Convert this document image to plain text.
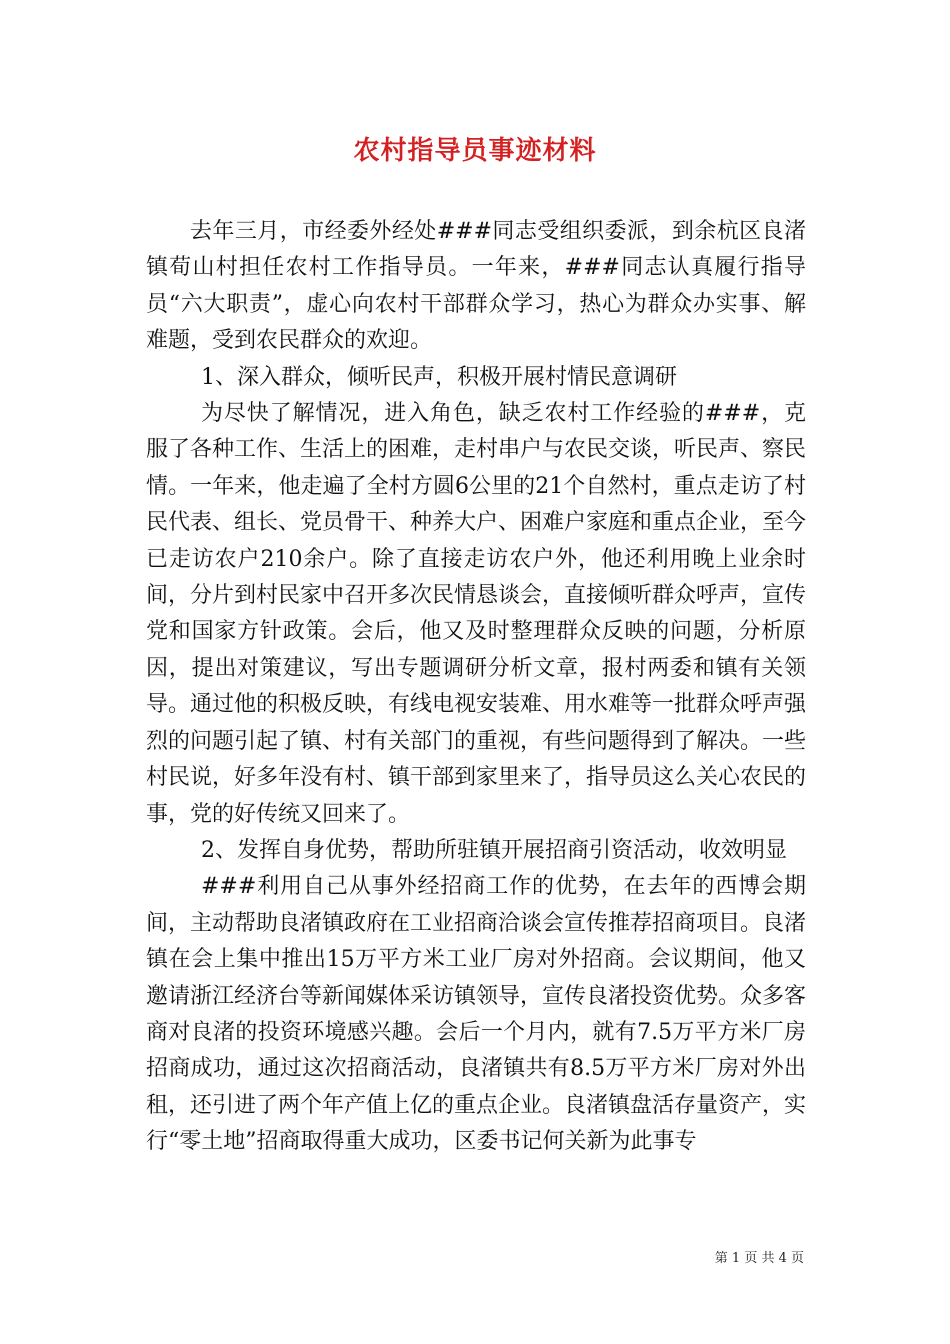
农村指导员事迹材料

去年三月，市经委外经处###同志受组织委派，到余杭区良渚镇荀山村担任农村工作指导员。一年来，###同志认真履行指导员“六大职责”，虚心向农村干部群众学习，热心为群众办实事、解难题，受到农民群众的欢迎。

1、深入群众，倾听民声，积极开展村情民意调研

为尽快了解情况，进入角色，缺乏农村工作经验的###，克服了各种工作、生活上的困难，走村串户与农民交谈，听民声、察民情。一年来，他走遍了全村方圆6公里的21个自然村，重点走访了村民代表、组长、党员骨干、种养大户、困难户家庭和重点企业，至今已走访农户210余户。除了直接走访农户外，他还利用晚上业余时间，分片到村民家中召开多次民情恳谈会，直接倾听群众呼声，宣传党和国家方针政策。会后，他又及时整理群众反映的问题，分析原因，提出对策建议，写出专题调研分析文章，报村两委和镇有关领导。通过他的积极反映，有线电视安装难、用水难等一批群众呼声强烈的问题引起了镇、村有关部门的重视，有些问题得到了解决。一些村民说，好多年没有村、镇干部到家里来了，指导员这么关心农民的事，党的好传统又回来了。

2、发挥自身优势，帮助所驻镇开展招商引资活动，收效明显

###利用自己从事外经招商工作的优势，在去年的西博会期间，主动帮助良渚镇政府在工业招商洽谈会宣传推荐招商项目。良渚镇在会上集中推出15万平方米工业厂房对外招商。会议期间，他又邀请浙江经济台等新闻媒体采访镇领导，宣传良渚投资优势。众多客商对良渚的投资环境感兴趣。会后一个月内，就有7.5万平方米厂房招商成功，通过这次招商活动，良渚镇共有8.5万平方米厂房对外出租，还引进了两个年产值上亿的重点企业。良渚镇盘活存量资产，实行“零土地”招商取得重大成功，区委书记何关新为此事专

第 1 页 共 4 页
